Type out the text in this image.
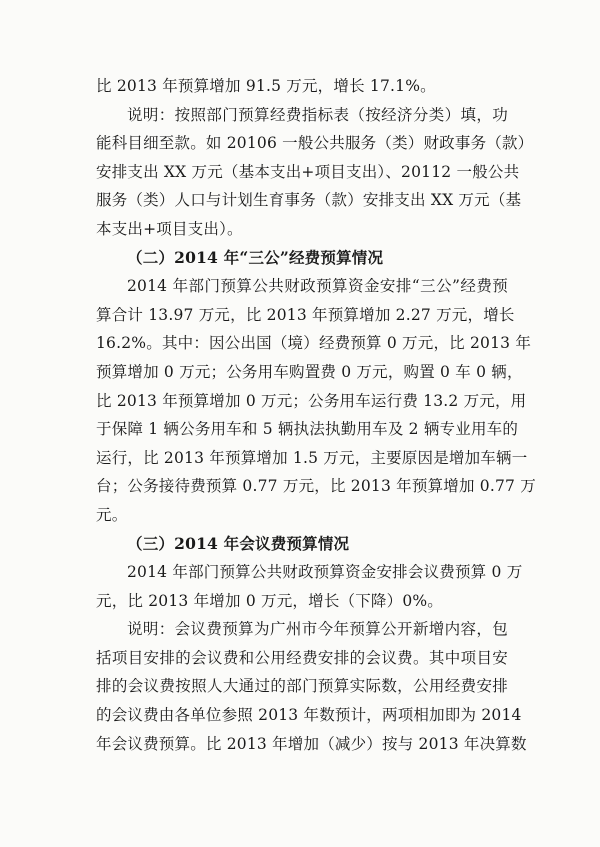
比 2013 年预算增加 91.5 万元，增长 17.1%。
说明：按照部门预算经费指标表（按经济分类）填，功
能科目细至款。如 20106 一般公共服务（类）财政事务（款）
安排支出 XX 万元（基本支出+项目支出）、20112 一般公共
服务（类）人口与计划生育事务（款）安排支出 XX 万元（基
本支出+项目支出）。
（二）2014 年“三公”经费预算情况
2014 年部门预算公共财政预算资金安排“三公”经费预
算合计 13.97 万元，比 2013 年预算增加 2.27 万元，增长
16.2%。其中：因公出国（境）经费预算 0 万元，比 2013 年
预算增加 0 万元；公务用车购置费 0 万元，购置 0 车 0 辆，
比 2013 年预算增加 0 万元；公务用车运行费 13.2 万元，用
于保障 1 辆公务用车和 5 辆执法执勤用车及 2 辆专业用车的
运行，比 2013 年预算增加 1.5 万元，主要原因是增加车辆一
台；公务接待费预算 0.77 万元，比 2013 年预算增加 0.77 万
元。
（三）2014 年会议费预算情况
2014 年部门预算公共财政预算资金安排会议费预算 0 万
元，比 2013 年增加 0 万元，增长（下降）0%。
说明：会议费预算为广州市今年预算公开新增内容，包
括项目安排的会议费和公用经费安排的会议费。其中项目安
排的会议费按照人大通过的部门预算实际数，公用经费安排
的会议费由各单位参照 2013 年数预计，两项相加即为 2014
年会议费预算。比 2013 年增加（减少）按与 2013 年决算数
